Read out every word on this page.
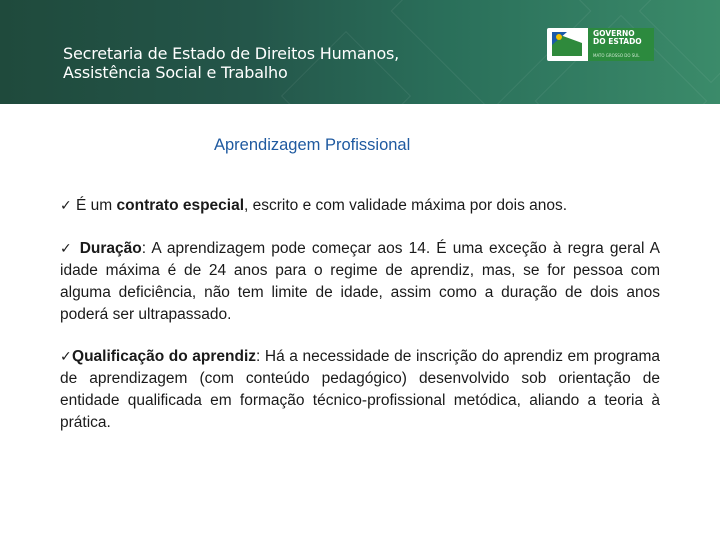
Secretaria de Estado de Direitos Humanos,
Assistência Social e Trabalho
GOVERNO
DO ESTADO
MATO GROSSO DO SUL
Aprendizagem Profissional
✓ É um contrato especial, escrito e com validade máxima por dois anos.
✓ Duração: A aprendizagem pode começar aos 14. É uma exceção à regra geral A idade máxima é de 24 anos para o regime de aprendiz, mas, se for pessoa com alguma deficiência, não tem limite de idade, assim como a duração de dois anos poderá ser ultrapassado.
✓Qualificação do aprendiz: Há a necessidade de inscrição do aprendiz em programa de aprendizagem (com conteúdo pedagógico) desenvolvido sob orientação de entidade qualificada em formação técnico-profissional metódica, aliando a teoria à prática.
